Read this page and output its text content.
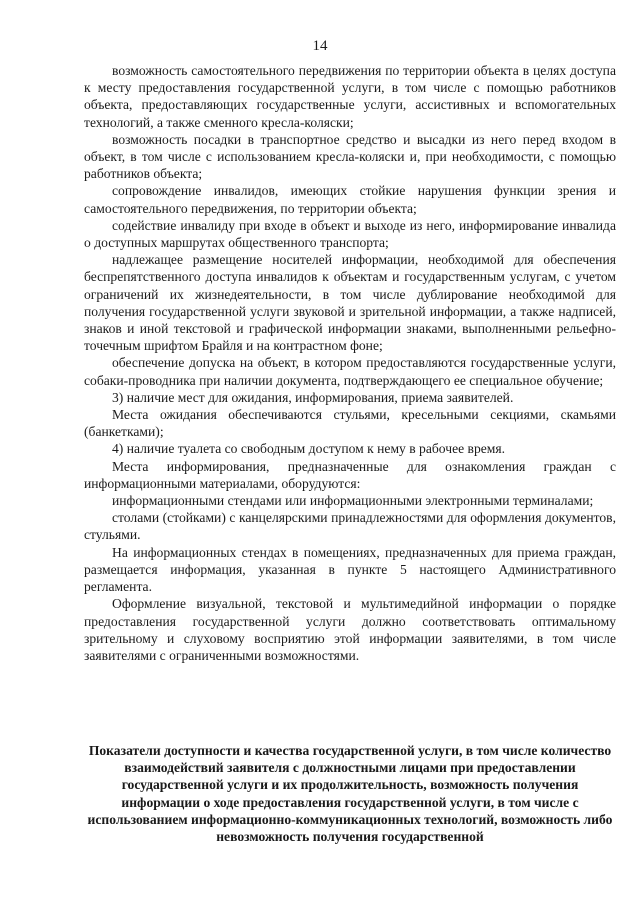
14

возможность самостоятельного передвижения по территории объекта в целях доступа к месту предоставления государственной услуги, в том числе с помощью работников объекта, предоставляющих государственные услуги, ассистивных и вспомогательных технологий, а также сменного кресла-коляски;

возможность посадки в транспортное средство и высадки из него перед входом в объект, в том числе с использованием кресла-коляски и, при необходимости, с помощью работников объекта;

сопровождение инвалидов, имеющих стойкие нарушения функции зрения и самостоятельного передвижения, по территории объекта;

содействие инвалиду при входе в объект и выходе из него, информирование инвалида о доступных маршрутах общественного транспорта;

надлежащее размещение носителей информации, необходимой для обеспечения беспрепятственного доступа инвалидов к объектам и государственным услугам, с учетом ограничений их жизнедеятельности, в том числе дублирование необходимой для получения государственной услуги звуковой и зрительной информации, а также надписей, знаков и иной текстовой и графической информации знаками, выполненными рельефно-точечным шрифтом Брайля и на контрастном фоне;

обеспечение допуска на объект, в котором предоставляются государственные услуги, собаки-проводника при наличии документа, подтверждающего ее специальное обучение;

3) наличие мест для ожидания, информирования, приема заявителей.

Места ожидания обеспечиваются стульями, кресельными секциями, скамьями (банкетками);

4) наличие туалета со свободным доступом к нему в рабочее время.

Места информирования, предназначенные для ознакомления граждан с информационными материалами, оборудуются:

информационными стендами или информационными электронными терминалами;

столами (стойками) с канцелярскими принадлежностями для оформления документов, стульями.

На информационных стендах в помещениях, предназначенных для приема граждан, размещается информация, указанная в пункте 5 настоящего Административного регламента.

Оформление визуальной, текстовой и мультимедийной информации о порядке предоставления государственной услуги должно соответствовать оптимальному зрительному и слуховому восприятию этой информации заявителями, в том числе заявителями с ограниченными возможностями.

Показатели доступности и качества государственной услуги, в том числе количество взаимодействий заявителя с должностными лицами при предоставлении государственной услуги и их продолжительность, возможность получения информации о ходе предоставления государственной услуги, в том числе с использованием информационно-коммуникационных технологий, возможность либо невозможность получения государственной
